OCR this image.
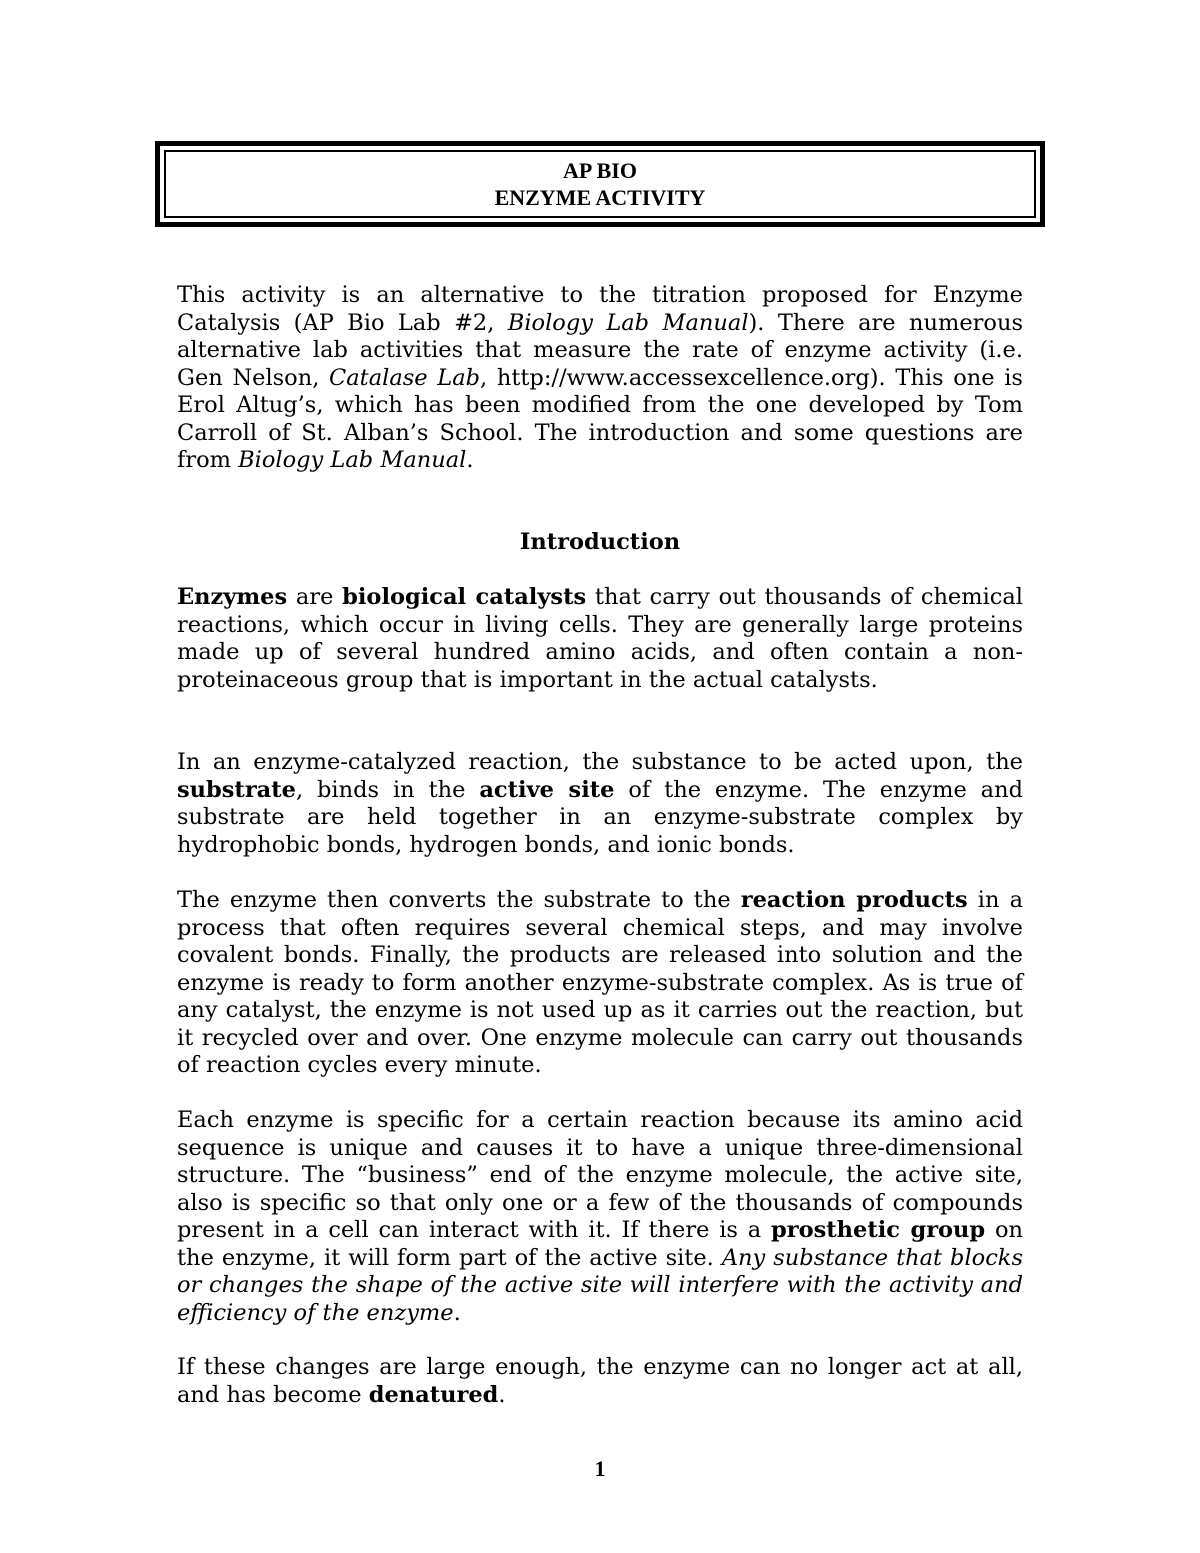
AP BIO
ENZYME ACTIVITY

This activity is an alternative to the titration proposed for Enzyme Catalysis (AP Bio Lab #2, Biology Lab Manual). There are numerous alternative lab activities that measure the rate of enzyme activity (i.e. Gen Nelson, Catalase Lab, http://www.accessexcellence.org). This one is Erol Altug’s, which has been modified from the one developed by Tom Carroll of St. Alban’s School. The introduction and some questions are from Biology Lab Manual.

Introduction

Enzymes are biological catalysts that carry out thousands of chemical reactions, which occur in living cells. They are generally large proteins made up of several hundred amino acids, and often contain a non-proteinaceous group that is important in the actual catalysts.

In an enzyme-catalyzed reaction, the substance to be acted upon, the substrate, binds in the active site of the enzyme. The enzyme and substrate are held together in an enzyme-substrate complex by hydrophobic bonds, hydrogen bonds, and ionic bonds.

The enzyme then converts the substrate to the reaction products in a process that often requires several chemical steps, and may involve covalent bonds. Finally, the products are released into solution and the enzyme is ready to form another enzyme-substrate complex. As is true of any catalyst, the enzyme is not used up as it carries out the reaction, but it recycled over and over. One enzyme molecule can carry out thousands of reaction cycles every minute.

Each enzyme is specific for a certain reaction because its amino acid sequence is unique and causes it to have a unique three-dimensional structure. The “business” end of the enzyme molecule, the active site, also is specific so that only one or a few of the thousands of compounds present in a cell can interact with it. If there is a prosthetic group on the enzyme, it will form part of the active site. Any substance that blocks or changes the shape of the active site will interfere with the activity and efficiency of the enzyme.

If these changes are large enough, the enzyme can no longer act at all, and has become denatured.

1
